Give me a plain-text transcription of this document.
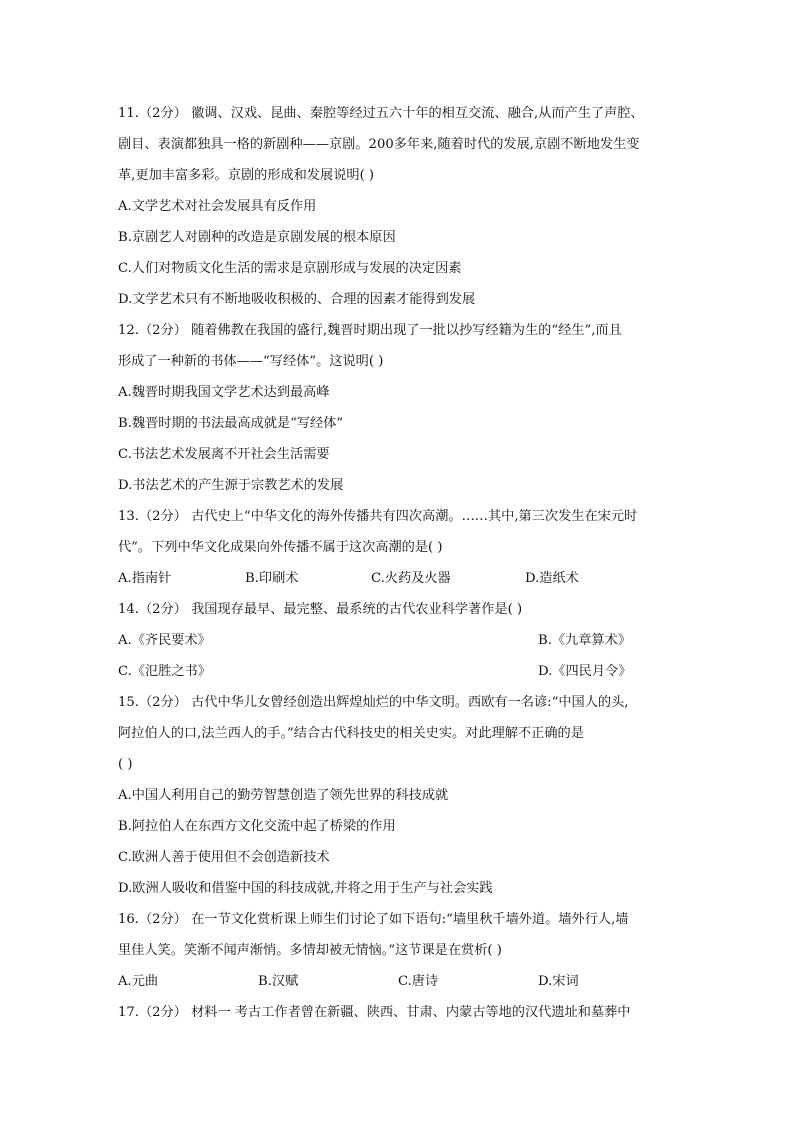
11.（2分） 徽调、汉戏、昆曲、秦腔等经过五六十年的相互交流、融合,从而产生了声腔、
剧目、表演都独具一格的新剧种——京剧。200多年来,随着时代的发展,京剧不断地发生变
革,更加丰富多彩。京剧的形成和发展说明( )
A.文学艺术对社会发展具有反作用
B.京剧艺人对剧种的改造是京剧发展的根本原因
C.人们对物质文化生活的需求是京剧形成与发展的决定因素
D.文学艺术只有不断地吸收积极的、合理的因素才能得到发展
12.（2分） 随着佛教在我国的盛行,魏晋时期出现了一批以抄写经籍为生的“经生”,而且
形成了一种新的书体——“写经体”。这说明( )
A.魏晋时期我国文学艺术达到最高峰
B.魏晋时期的书法最高成就是“写经体”
C.书法艺术发展离不开社会生活需要
D.书法艺术的产生源于宗教艺术的发展
13.（2分） 古代史上“中华文化的海外传播共有四次高潮。……其中,第三次发生在宋元时
代”。下列中华文化成果向外传播不属于这次高潮的是( )
A.指南针	B.印刷术	C.火药及火器	D.造纸术
14.（2分） 我国现存最早、最完整、最系统的古代农业科学著作是( )
A.《齐民要术》	B.《九章算术》
C.《氾胜之书》	D.《四民月令》
15.（2分） 古代中华儿女曾经创造出辉煌灿烂的中华文明。西欧有一名谚:“中国人的头,
阿拉伯人的口,法兰西人的手。”结合古代科技史的相关史实。对此理解不正确的是
( )
A.中国人利用自己的勤劳智慧创造了领先世界的科技成就
B.阿拉伯人在东西方文化交流中起了桥梁的作用
C.欧洲人善于使用但不会创造新技术
D.欧洲人吸收和借鉴中国的科技成就,并将之用于生产与社会实践
16.（2分） 在一节文化赏析课上师生们讨论了如下语句:“墙里秋千墙外道。墙外行人,墙
里佳人笑。笑渐不闻声渐悄。多情却被无情恼。”这节课是在赏析( )
A.元曲	B.汉赋	C.唐诗	D.宋词
17.（2分） 材料一 考古工作者曾在新疆、陕西、甘肃、内蒙古等地的汉代遗址和墓葬中
